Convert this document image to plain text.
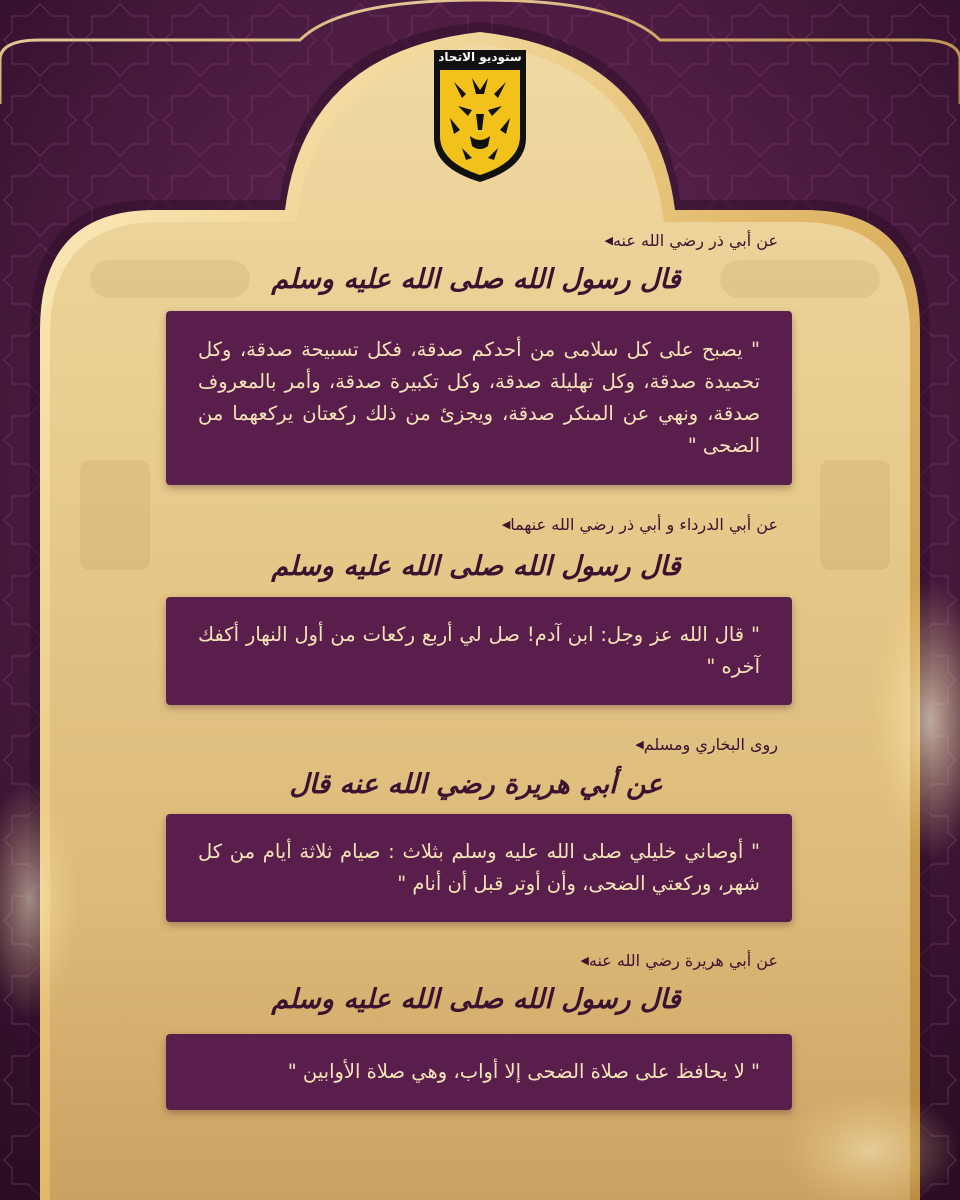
ستوديو الاتحاد
عن أبي ذر رضي الله عنه◀
قال رسول الله صلى الله عليه وسلم

" يصبح على كل سلامى من أحدكم صدقة، فكل تسبيحة صدقة، وكل تحميدة صدقة، وكل تهليلة صدقة، وكل تكبيرة صدقة، وأمر بالمعروف صدقة، ونهي عن المنكر صدقة، ويجزئ من ذلك ركعتان يركعهما من الضحى "

عن أبي الدرداء و أبي ذر رضي الله عنهما◀
قال رسول الله صلى الله عليه وسلم

" قال الله عز وجل: ابن آدم! صل لي أربع ركعات من أول النهار أكفك آخره "

روى البخاري ومسلم◀
عن أبي هريرة رضي الله عنه قال

" أوصاني خليلي صلى الله عليه وسلم بثلاث : صيام ثلاثة أيام من كل شهر، وركعتي الضحى، وأن أوتر قبل أن أنام "

عن أبي هريرة رضي الله عنه◀
قال رسول الله صلى الله عليه وسلم

" لا يحافظ على صلاة الضحى إلا أواب، وهي صلاة الأوابين "
